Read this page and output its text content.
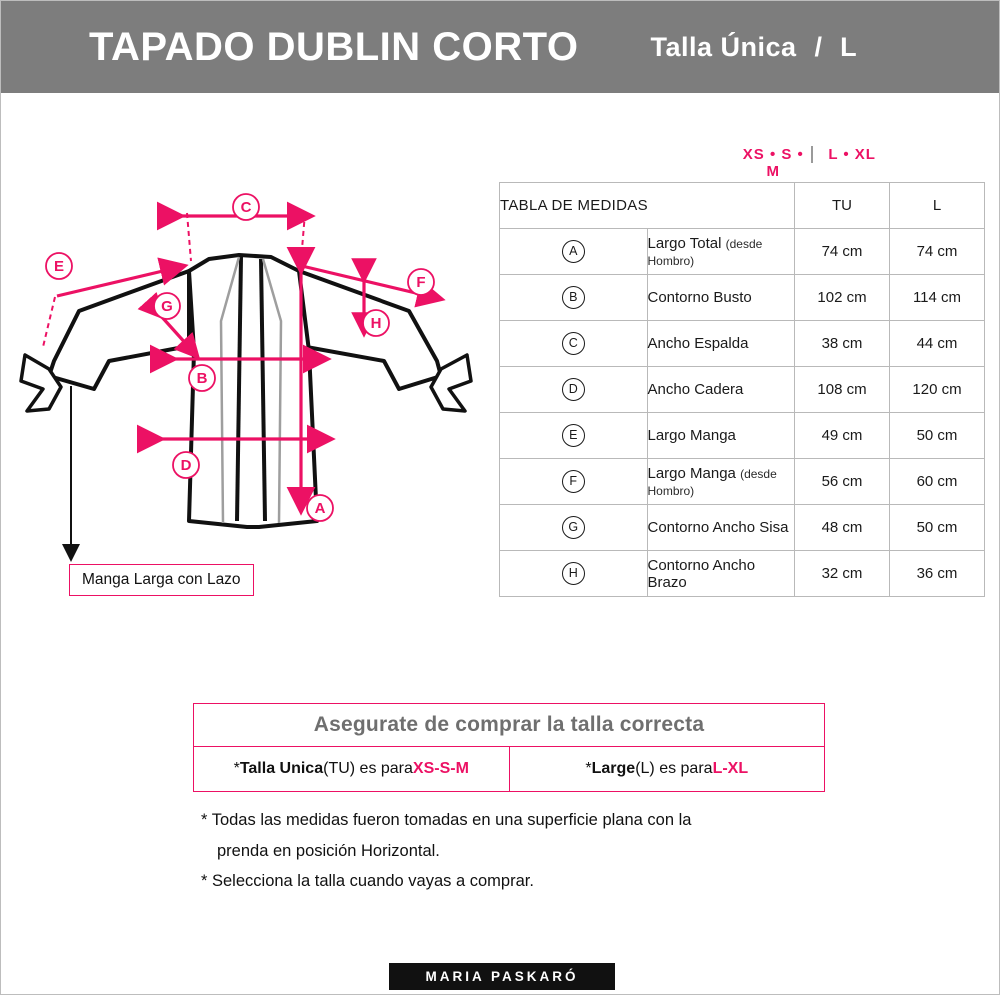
TAPADO DUBLIN CORTO	Talla Única / L
C
E
F
G
H
B
D
A
Manga Larga con Lazo
XS • S • M
L • XL
TABLA DE MEDIDAS		TU	L
A	Largo Total (desde Hombro)	74 cm	74 cm
B	Contorno Busto	102 cm	114 cm
C	Ancho Espalda	38 cm	44 cm
D	Ancho Cadera	108 cm	120 cm
E	Largo Manga	49 cm	50 cm
F	Largo Manga (desde Hombro)	56 cm	60 cm
G	Contorno Ancho Sisa	48 cm	50 cm
H	Contorno Ancho Brazo	32 cm	36 cm
Asegurate de comprar la talla correcta
* Talla Unica (TU) es para XS-S-M	* Large (L) es para L-XL
* Todas las medidas fueron tomadas en una superficie plana con la
prenda en posición Horizontal.
* Selecciona la talla cuando vayas a comprar.
MARIA PASKARÓ
